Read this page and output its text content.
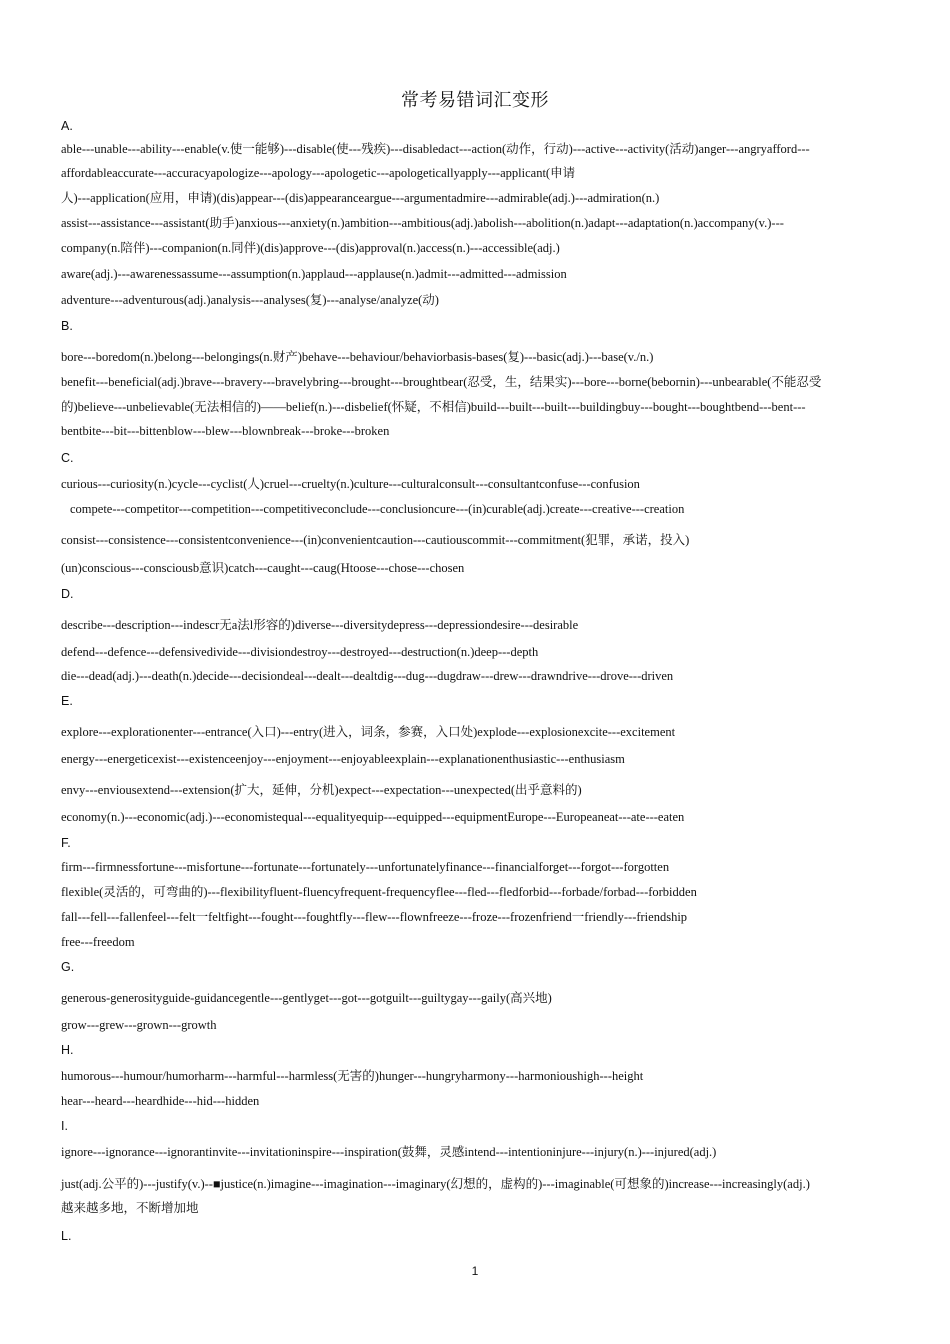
常考易错词汇变形
A.
able---unable---ability---enable(v.使一能够)---disable(使---残疾)---disabledact---action(动作，行动)---active---activity(活动)anger---angryafford---
affordableaccurate---accuracyapologize---apology---apologetic---apologeticallyapply---applicant(申请
人)---application(应用，申请)(dis)appear---(dis)appearanceargue---argumentadmire---admirable(adj.)---admiration(n.)
assist---assistance---assistant(助手)anxious---anxiety(n.)ambition---ambitious(adj.)abolish---abolition(n.)adapt---adaptation(n.)accompany(v.)---
company(n.陪伴)---companion(n.同伴)(dis)approve---(dis)approval(n.)access(n.)---accessible(adj.)
aware(adj.)---awarenessassume---assumption(n.)applaud---applause(n.)admit---admitted---admission
adventure---adventurous(adj.)analysis---analyses(复)---analyse/analyze(动)
B.
bore---boredom(n.)belong---belongings(n.财产)behave---behaviour/behaviorbasis-bases(复)---basic(adj.)---base(v./n.)
benefit---beneficial(adj.)brave---bravery---bravelybring---brought---broughtbear(忍受，生，结果实)---bore---borne(bebornin)---unbearable(不能忍受
的)believe---unbelievable(无法相信的)——belief(n.)---disbelief(怀疑，不相信)build---built---built---buildingbuy---bought---boughtbend---bent---
bentbite---bit---bittenblow---blew---blownbreak---broke---broken
C.
curious---curiosity(n.)cycle---cyclist(人)cruel---cruelty(n.)culture---culturalconsult---consultantconfuse---confusion
compete---competitor---competition---competitiveconclude---conclusioncure---(in)curable(adj.)create---creative---creation
consist---consistence---consistentconvenience---(in)convenientcaution---cautiouscommit---commitment(犯罪，承诺，投入)
(un)conscious---consciousb意识)catch---caught---caug(Htoose---chose---chosen
D.
describe---description---indescr无a法l形容的)diverse---diversitydepress---depressiondesire---desirable
defend---defence---defensivedivide---divisiondestroy---destroyed---destruction(n.)deep---depth
die---dead(adj.)---death(n.)decide---decisiondeal---dealt---dealtdig---dug---dugdraw---drew---drawndrive---drove---driven
E.
explore---explorationenter---entrance(入口)---entry(进入，词条，参赛，入口处)explode---explosionexcite---excitement
energy---energeticexist---existenceenjoy---enjoyment---enjoyableexplain---explanationenthusiastic---enthusiasm
envy---enviousextend---extension(扩大，延伸，分机)expect---expectation---unexpected(出乎意料的)
economy(n.)---economic(adj.)---economistequal---equalityequip---equipped---equipmentEurope---Europeaneat---ate---eaten
F.
firm---firmnessfortune---misfortune---fortunate---fortunately---unfortunatelyfinance---financialforget---forgot---forgotten
flexible(灵活的，可弯曲的)---flexibilityfluent-fluencyfrequent-frequencyflee---fled---fledforbid---forbade/forbad---forbidden
fall---fell---fallenfeel---felt一feltfight---fought---foughtfly---flew---flownfreeze---froze---frozenfriend一friendly---friendship
free---freedom
G.
generous-generosityguide-guidancegentle---gentlyget---got---gotguilt---guiltygay---gaily(高兴地)
grow---grew---grown---growth
H.
humorous---humour/humorharm---harmful---harmless(无害的)hunger---hungryharmony---harmonioushigh---height
hear---heard---heardhide---hid---hidden
I.
ignore---ignorance---ignorantinvite---invitationinspire---inspiration(鼓舞，灵感intend---intentioninjure---injury(n.)---injured(adj.)
just(adj.公平的)---justify(v.)--■justice(n.)imagine---imagination---imaginary(幻想的，虚构的)---imaginable(可想象的)increase---increasingly(adj.)
越来越多地，不断增加地
L.
1
